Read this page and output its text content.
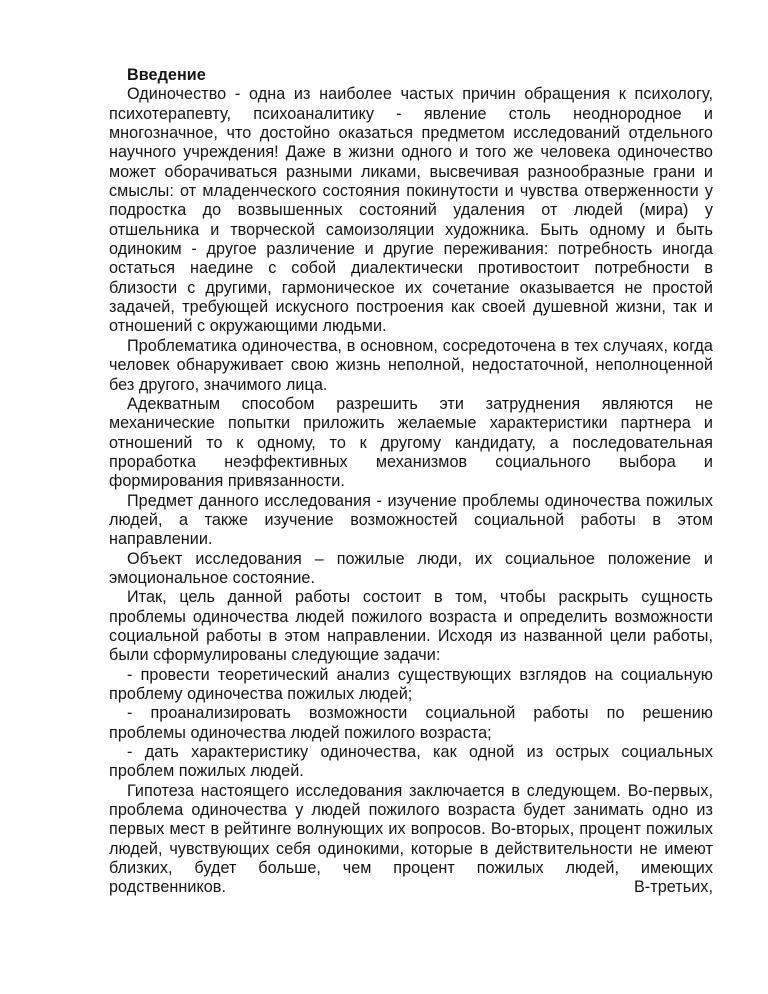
Введение

Одиночество - одна из наиболее частых причин обращения к психологу, психотерапевту, психоаналитику - явление столь неоднородное и многозначное, что достойно оказаться предметом исследований отдельного научного учреждения! Даже в жизни одного и того же человека одиночество может оборачиваться разными ликами, высвечивая разнообразные грани и смыслы: от младенческого состояния покинутости и чувства отверженности у подростка до возвышенных состояний удаления от людей (мира) у отшельника и творческой самоизоляции художника. Быть одному и быть одиноким - другое различение и другие переживания: потребность иногда остаться наедине с собой диалектически противостоит потребности в близости с другими, гармоническое их сочетание оказывается не простой задачей, требующей искусного построения как своей душевной жизни, так и отношений с окружающими людьми.

Проблематика одиночества, в основном, сосредоточена в тех случаях, когда человек обнаруживает свою жизнь неполной, недостаточной, неполноценной без другого, значимого лица.

Адекватным способом разрешить эти затруднения являются не механические попытки приложить желаемые характеристики партнера и отношений то к одному, то к другому кандидату, а последовательная проработка неэффективных механизмов социального выбора и формирования привязанности.

Предмет данного исследования - изучение проблемы одиночества пожилых людей, а также изучение возможностей социальной работы в этом направлении.

Объект исследования – пожилые люди, их социальное положение и эмоциональное состояние.

Итак, цель данной работы состоит в том, чтобы раскрыть сущность проблемы одиночества людей пожилого возраста и определить возможности социальной работы в этом направлении. Исходя из названной цели работы, были сформулированы следующие задачи:

- провести теоретический анализ существующих взглядов на социальную проблему одиночества пожилых людей;

- проанализировать возможности социальной работы по решению проблемы одиночества людей пожилого возраста;

- дать характеристику одиночества, как одной из острых социальных проблем пожилых людей.

Гипотеза настоящего исследования заключается в следующем. Во-первых, проблема одиночества у людей пожилого возраста будет занимать одно из первых мест в рейтинге волнующих их вопросов. Во-вторых, процент пожилых людей, чувствующих себя одинокими, которые в действительности не имеют близких, будет больше, чем процент пожилых людей, имеющих родственников. В-третьих,
